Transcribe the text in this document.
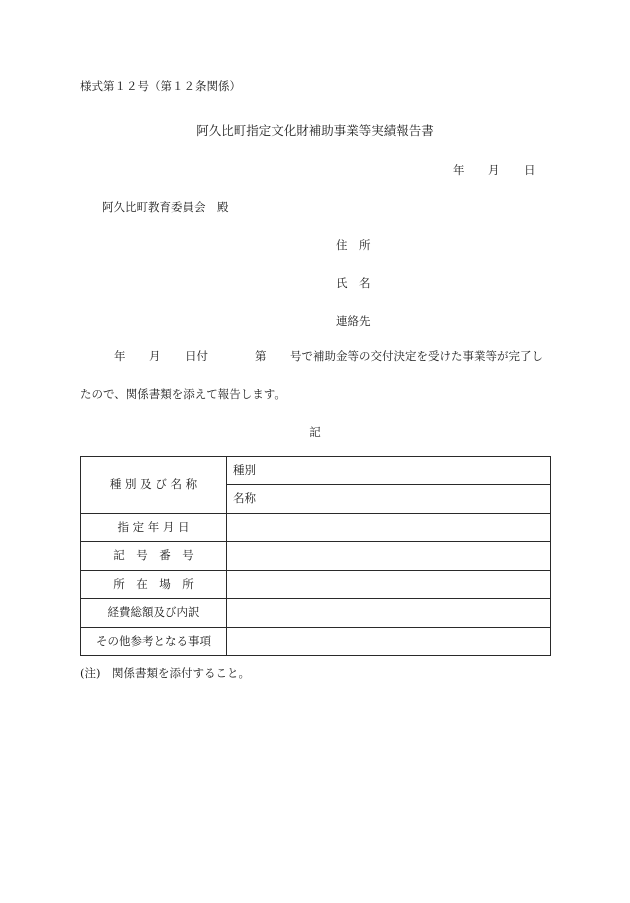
様式第１２号（第１２条関係）
阿久比町指定文化財補助事業等実績報告書
年 月 日
阿久比町教育委員会　殿
住　所
氏　名
連絡先
年 月 日付	第 号で補助金等の交付決定を受けた事業等が完了し
たので、関係書類を添えて報告します。
記
種 別 及 び 名 称	種別
	名称
指 定 年 月 日	
記　号　番　号	
所　在　場　所	
経費総額及び内訳	
その他参考となる事項	
(注)　関係書類を添付すること。
